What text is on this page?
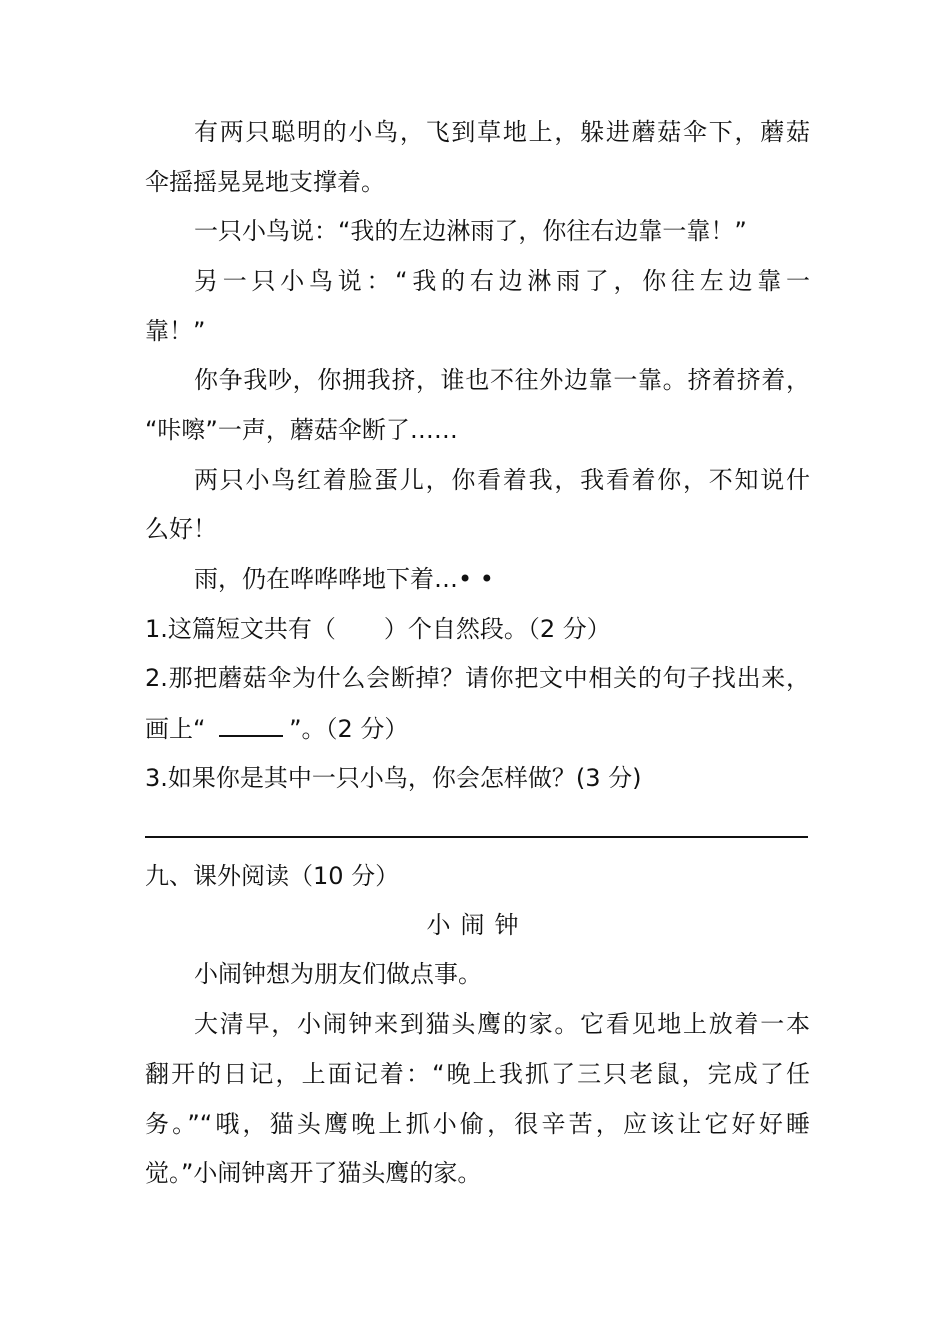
有两只聪明的小鸟，飞到草地上，躲进蘑菇伞下，蘑菇
伞摇摇晃晃地支撑着。
一只小鸟说：“我的左边淋雨了，你往右边靠一靠！”
另一只小鸟说：“我的右边淋雨了，你往左边靠一
靠！”
你争我吵，你拥我挤，谁也不往外边靠一靠。挤着挤着，
“咔嚓”一声，蘑菇伞断了……
两只小鸟红着脸蛋儿，你看着我，我看着你，不知说什
么好！
雨，仍在哗哗哗地下着…• •
1.这篇短文共有（　　）个自然段。（2 分）
2.那把蘑菇伞为什么会断掉？请你把文中相关的句子找出来，
画上“	”。（2 分）
3.如果你是其中一只小鸟，你会怎样做？(3 分)
九、课外阅读（10 分）
小闹钟
小闹钟想为朋友们做点事。
大清早，小闹钟来到猫头鹰的家。它看见地上放着一本
翻开的日记，上面记着：“晚上我抓了三只老鼠，完成了任
务。”“哦，猫头鹰晚上抓小偷，很辛苦，应该让它好好睡
觉。”小闹钟离开了猫头鹰的家。
